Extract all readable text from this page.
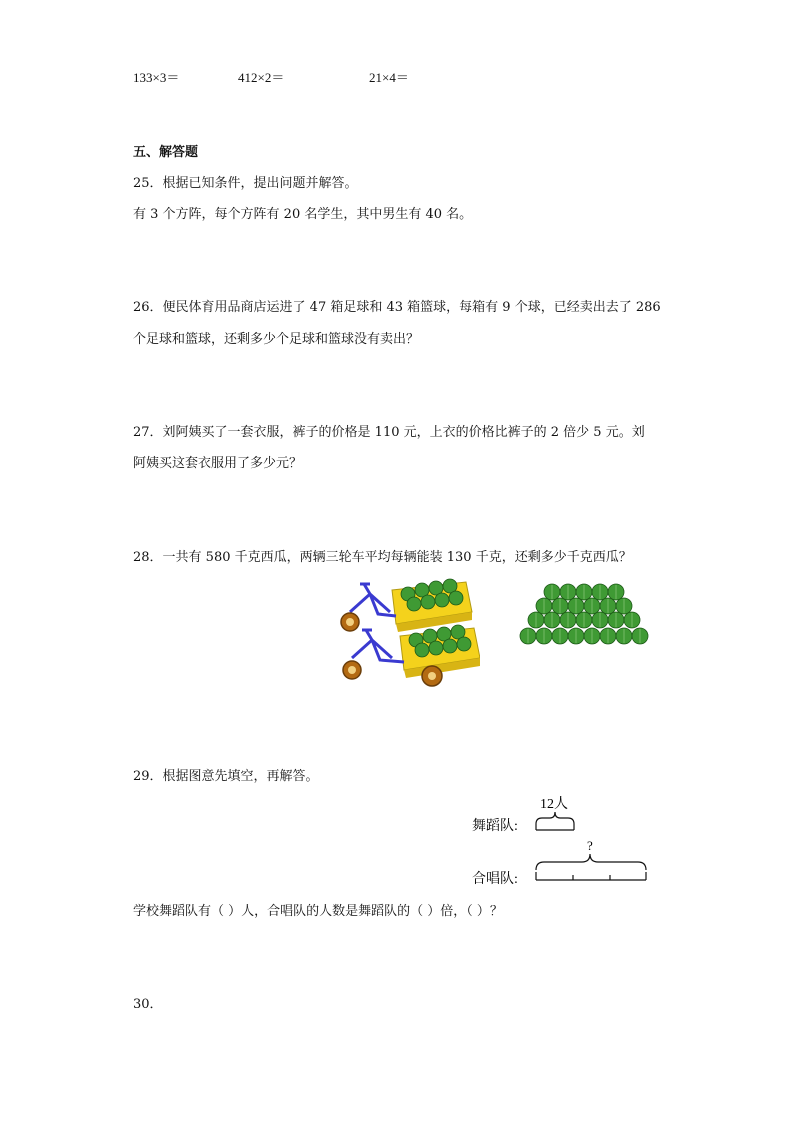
133×3＝	412×2＝	21×4＝
五、解答题
25．根据已知条件，提出问题并解答。
有 3 个方阵，每个方阵有 20 名学生，其中男生有 40 名。
26．便民体育用品商店运进了 47 箱足球和 43 箱篮球，每箱有 9 个球，已经卖出去了 286
个足球和篮球，还剩多少个足球和篮球没有卖出？
27．刘阿姨买了一套衣服，裤子的价格是 110 元，上衣的价格比裤子的 2 倍少 5 元。刘
阿姨买这套衣服用了多少元？
28．一共有 580 千克西瓜，两辆三轮车平均每辆能装 130 千克，还剩多少千克西瓜？
29．根据图意先填空，再解答。
12人
舞蹈队:
?
合唱队:
学校舞蹈队有（ ）人，合唱队的人数是舞蹈队的（ ）倍，（ ）？
30．
